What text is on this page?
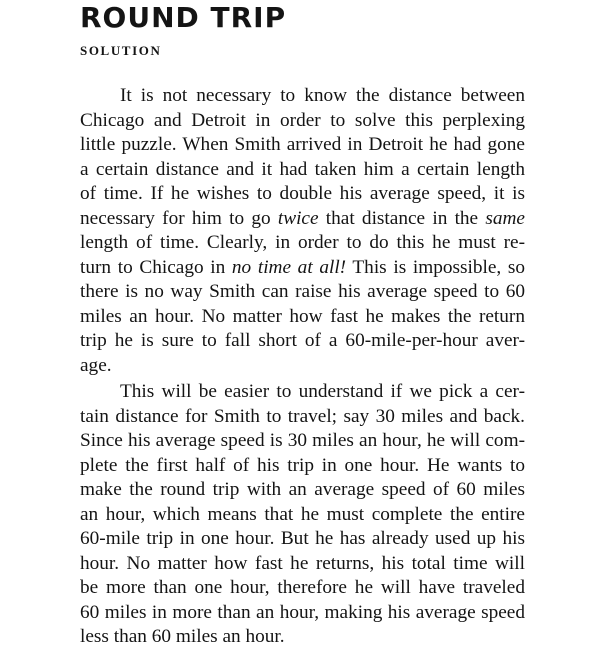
ROUND TRIP
SOLUTION
It is not necessary to know the distance between
Chicago and Detroit in order to solve this perplexing
little puzzle. When Smith arrived in Detroit he had gone
a certain distance and it had taken him a certain length
of time. If he wishes to double his average speed, it is
necessary for him to go twice that distance in the same
length of time. Clearly, in order to do this he must re-
turn to Chicago in no time at all! This is impossible, so
there is no way Smith can raise his average speed to 60
miles an hour. No matter how fast he makes the return
trip he is sure to fall short of a 60-mile-per-hour aver-
age.
This will be easier to understand if we pick a cer-
tain distance for Smith to travel; say 30 miles and back.
Since his average speed is 30 miles an hour, he will com-
plete the first half of his trip in one hour. He wants to
make the round trip with an average speed of 60 miles
an hour, which means that he must complete the entire
60-mile trip in one hour. But he has already used up his
hour. No matter how fast he returns, his total time will
be more than one hour, therefore he will have traveled
60 miles in more than an hour, making his average speed
less than 60 miles an hour.
